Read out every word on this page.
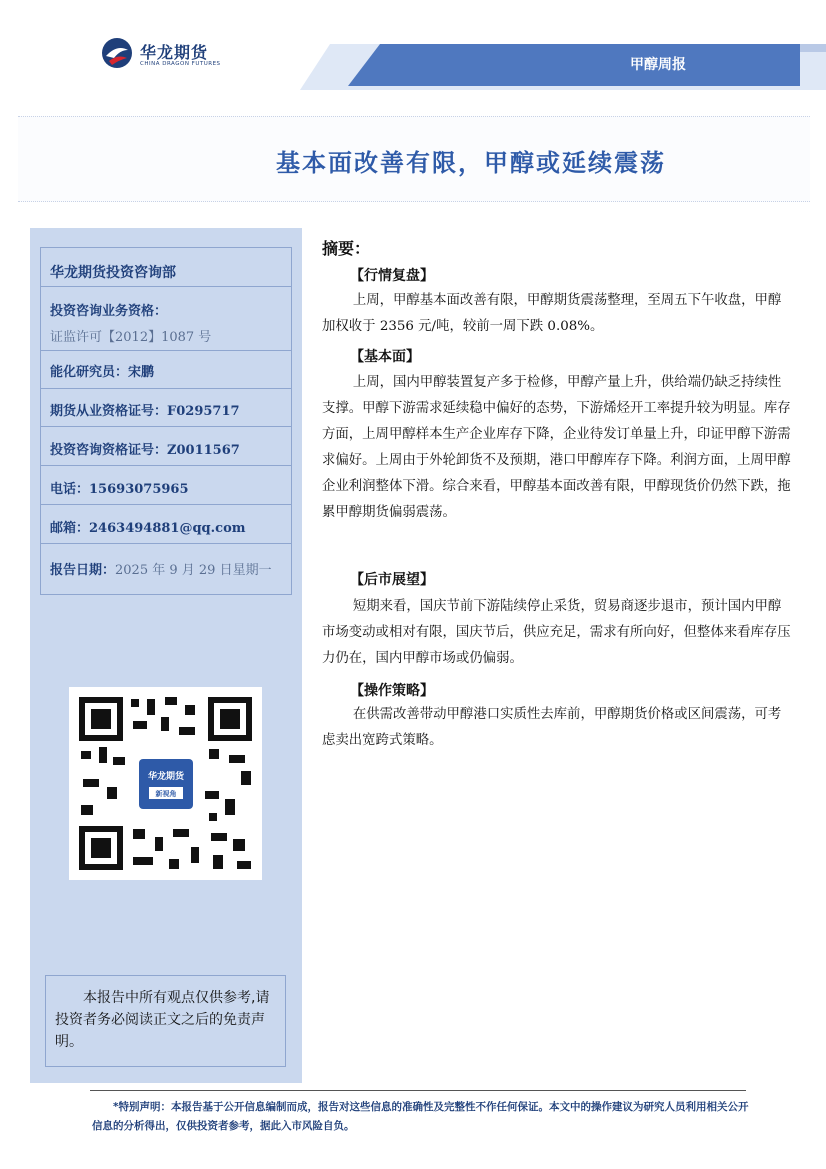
华龙期货
CHINA DRAGON FUTURES	甲醇周报
基本面改善有限，甲醇或延续震荡
华龙期货投资咨询部
投资咨询业务资格：
证监许可【2012】1087 号
能化研究员：宋鹏
期货从业资格证号：F0295717
投资咨询资格证号：Z0011567
电话：15693075965
邮箱：2463494881@qq.com
报告日期：2025 年 9 月 29 日星期一
华龙期货
新视角
本报告中所有观点仅供参考,请投资者务必阅读正文之后的免责声明。
摘要：
【行情复盘】
上周，甲醇基本面改善有限，甲醇期货震荡整理，至周五下午收盘，甲醇加权收于 2356 元/吨，较前一周下跌 0.08%。
【基本面】
上周，国内甲醇装置复产多于检修，甲醇产量上升，供给端仍缺乏持续性支撑。甲醇下游需求延续稳中偏好的态势，下游烯烃开工率提升较为明显。库存方面，上周甲醇样本生产企业库存下降，企业待发订单量上升，印证甲醇下游需求偏好。上周由于外轮卸货不及预期，港口甲醇库存下降。利润方面，上周甲醇企业利润整体下滑。综合来看，甲醇基本面改善有限，甲醇现货价仍然下跌，拖累甲醇期货偏弱震荡。
【后市展望】
短期来看，国庆节前下游陆续停止采货，贸易商逐步退市，预计国内甲醇市场变动或相对有限，国庆节后，供应充足，需求有所向好，但整体来看库存压力仍在，国内甲醇市场或仍偏弱。
【操作策略】
在供需改善带动甲醇港口实质性去库前，甲醇期货价格或区间震荡，可考虑卖出宽跨式策略。
*特别声明：本报告基于公开信息编制而成，报告对这些信息的准确性及完整性不作任何保证。本文中的操作建议为研究人员利用相关公开信息的分析得出，仅供投资者参考，据此入市风险自负。
